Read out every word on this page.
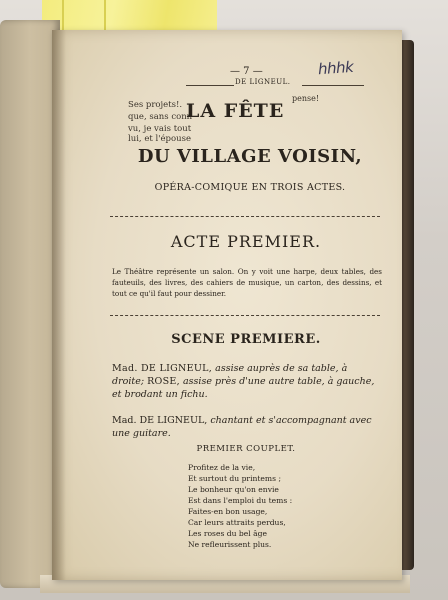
— 7 —
DE LIGNEUL.
hhhk
Ses projets!.
que, sans conn
vu, je vais tout
lui, et l'épouse
pense!
LA FÊTE
DU VILLAGE VOISIN,
OPÉRA-COMIQUE EN TROIS ACTES.
ACTE PREMIER.
Le Théâtre représente un salon. On y voit une harpe, deux tables, des fauteuils, des livres, des cahiers de musique, un carton, des dessins, et tout ce qu'il faut pour dessiner.
SCENE PREMIERE.
Mad. DE LIGNEUL, assise auprès de sa table, à droite; ROSE, assise près d'une autre table, à gauche, et brodant un fichu.
Mad. DE LIGNEUL, chantant et s'accompagnant avec une guitare.
PREMIER COUPLET.
Profitez de la vie,
Et surtout du printems ;
Le bonheur qu'on envie
Est dans l'emploi du tems :
Faites-en bon usage,
Car leurs attraits perdus,
Les roses du bel âge
Ne refleurissent plus.
